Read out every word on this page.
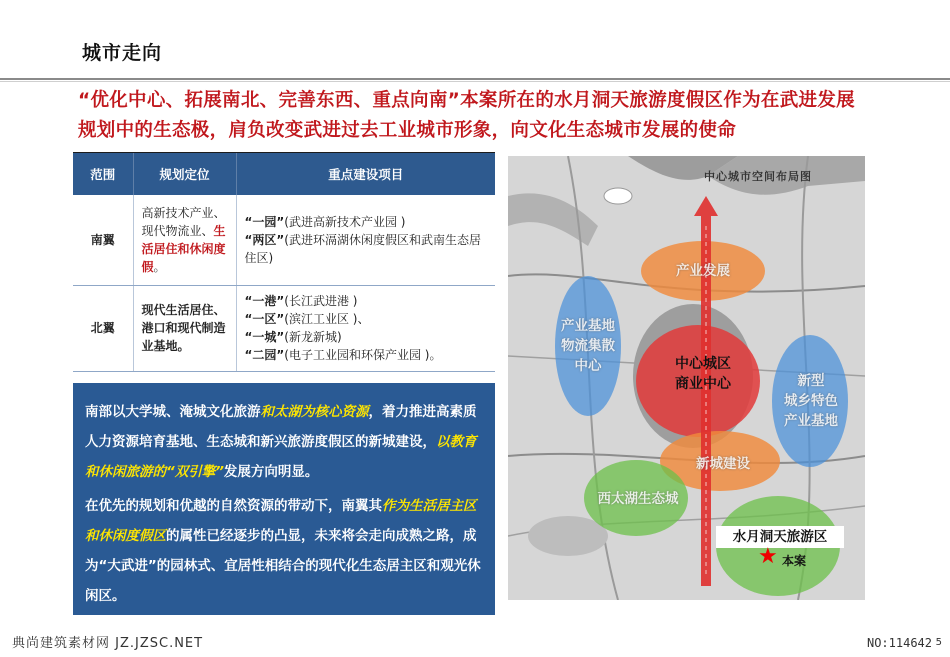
城市走向
“优化中心、拓展南北、完善东西、重点向南”本案所在的水月洞天旅游度假区作为在武进发展规划中的生态极，肩负改变武进过去工业城市形象，向文化生态城市发展的使命
范围	规划定位	重点建设项目
南翼	高新技术产业、现代物流业、生活居住和休闲度假。	“一园”(武进高新技术产业园 )
“两区”(武进环滆湖休闲度假区和武南生态居住区)

北翼	现代生活居住、港口和现代制造业基地。	“一港”(长江武进港 )
“一区”(滨江工业区 )、
“一城”(新龙新城)
“二园”(电子工业园和环保产业园 )。

南部以大学城、淹城文化旅游和太湖为核心资源，着力推进高素质人力资源培育基地、生态城和新兴旅游度假区的新城建设，以教育和休闲旅游的“双引擎”发展方向明显。

在优先的规划和优越的自然资源的带动下，南翼其作为生活居主区和休闲度假区的属性已经逐步的凸显，未来将会走向成熟之路，成为“大武进”的园林式、宜居性相结合的现代化生态居主区和观光休闲区。

中心城市空间布局图
产业发展
产业基地
物流集散
中心	中心城区
商业中心	新型
城乡特色
产业基地
新城建设
西太湖生态城
水月洞天旅游区
★ 本案
典尚建筑素材网 JZ.JZSC.NET	NO:114642 5
